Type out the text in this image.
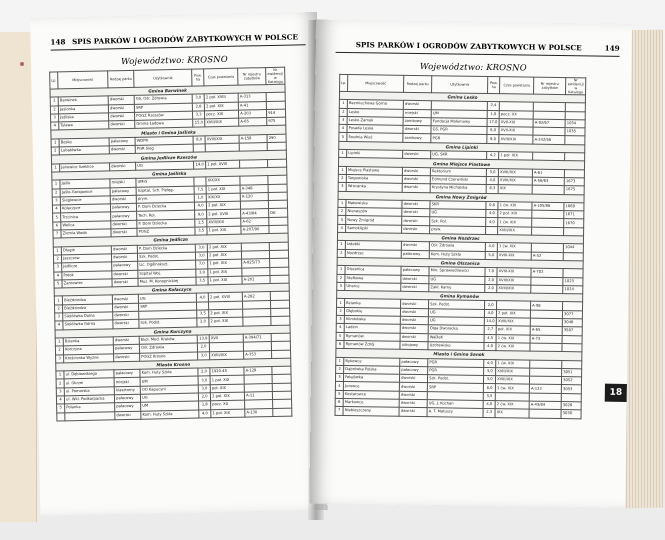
148 SPIS PARKÓW I OGRODÓW ZABYTKOWYCH W POLSCE
Województwo: KROSNO
Lp.	Miejscowość	Rodzaj parku	Użytkownik	Pow. ha	Czas powstania	Nr rejestru zabytków	Nr ewidencji w Katalogu
Gmina Barwinek							
1	Barwinek	dworski	GS, Ośr. Zdrowia	3,0	2 poł. XVIII	A-313	
2	Jasionka	dworski	SRP	2,8	2 poł. XIX	A-41	
3	Jaśliska	dworski	POGZ Rzeszów	3,3	pocz. XIX	A-203	914
4	Tylawa	dworski	Gmina Ładowa	15,0	XVIII/XIX	A-65	975
Miasto i Gmina Jaśliska							
1	Besko	pałacowy	WDPR	8,0	XVIII/XIX	A-158	290
2	Lubatówka	dworski	PGR Sieg				
Gmina Jedlicze Rzeszów							
1	Janowice Szeklice	dworski	UG	14,0	1 poł. XVIII		
Gmina Jaśliska							
1	Jaślo	miejski	UMiG		XIX/XX		
2	Jaślo-Gorajowice	pałacowy	Szpital, Sch. Pielęg.	7,5	1 poł. XIX	A-348	
3	Sieglowice	dworski	pryw.	1,0	XIX/XX	A-120	
4	Kołaczyce	pałacowy	P. Dom Dziecka	4,0	2 poł. XIX		
5	Trzcinica	pałacowy	Tech. Rol.	9,0	2 poł. XVIII	A-43/84	DK
6	Wolica	dworski	P. Dom Dziecka	1,5	XVIII/XIX	A-62	
7	Ziemia Woda	dworski	POGZ	3,5	1 poł. XIX	A-207/90	
Gmina Jedlicze							
1	Długie	dworski	P. Dom Dziecka	3,0	2 poł. XIX		
2	Jaszczew	dworski	Szk. Podst.	3,0	2 poł. XIX		
3	Jedlicze	pałacowy	Lic. Ogólnokszt.	7,0	1 poł. XIX	A-825/73	
4	Potok	dworski	Szpital Woj.	3,0	1 poł. XIX		
5	Żarnowiec	dworski	Muz. M. Konopnickiej	3,5	1 poł. XIX	A-201	
Gmina Kołaczyce							
1	Bieździedza	dworski	UG	4,0	2 poł. XVIII	A-282	
2	Bieździedza	dworski	SRP				
3	Sieklówka Dolna	dworski		3,5	2 poł. XIX		
4	Sieklówka Górna	dworski	Szk. Podst.	2,0	2 poł. XIX		
Gmina Korczyna							
1	Bzianka	dworski	Ekol. Med. Kraków	13,9	XVII	A-394/71	
2	Korczyna	pałacowy	Ośr. Zdrowia	2,0			
3	Krościenko Wyżne	dworski	POGZ Krosno	3,0	XVIII/XIX	A-353	
Miasto Krosno							
1	ul. Dębiowskiego	pałacowy	Kom. Huty Szkła	2,0	1920-45	A-128	
2	ul. Okrzei	miejski	UM	3,0	1 poł. XIX		
3	ul. Pomorska	klasztorny	OO Kapucyni	3,0	poł. XIX		
4	ul. Wkł. Podkarpacka	pałacowy	UG	2,0	2 poł. XIX	A-11	
5	Polanka	pałacowy	UM	1,8	pocz. XX		
		dworski	Kom. Huty Szkła	4,0	1 poł. XIX	A-130	
SPIS PARKÓW I OGRODÓW ZABYTKOWYCH W POLSCE	149
Województwo: KROSNO
Lp.	Miejscowość	Rodzaj parku	Użytkownik	Pow. ha	Czas powstania	Nr rejestru zabytków	Nr ewidencji w Katalogu
Gmina Lesko							
1	Bezmiechowa Górna	dworski		2,4			
2	Lesko	miejski	UM	1,0	pocz. XX		
3	Lesko-Zamek	zamkowy	Fundacja Mołomowy	17,0	XVII-XIX	A-92/67	1034
4	Posada Leska	dworski	GS, PGR	8,0	XVII-XIX		1035
5	Średnia Wieś	zamkowy	PGR	9,0	XVIII/XIX	A-242/56	
Gmina Lipinki							
1	Lipinki	dworski	UG, SKR	4,2	1 poł. XIX		
Gmina Miejsce Piastowe							
1	Miejsce Piastowe	dworski	Rektorium	3,0	XVIII/XIX	A-61	
2	Targowiska	dworski	Edmund Czerwiński	4,0	XVIII/XIX	A-56/63	1673
3	Wrocanka	dworski	Krystyna Michalska	8,3	XIX		1675
Gmina Nowy Żmigród							
1	Makowiska	dworski	SKR	0,8	1 ćw. XIX	A-105/86	1669
2	Nienaszów	dworski	UG	4,0	2 poł. XIX		1671
3	Nowy Żmigród	dworski	Szk. Rol.	4,0	1 ćw. XIX		1670
4	Samoklęski	dworski	pryw.		XVIII/XIX		
Gmina Nozdrzec							
1	Izdebki	dworski	Ośr. Zdrowia	4,0	1 ćw. XIX		1044
2	Nozdrzec	pałacowy	Kom. Huty Szkła	5,0	XVIII-XIX	A-52	
Gmina Olszanica							
1	Olszanica	pałacowy	Min. Sprawiedliwości	7,0	XVIII-XIX	A-702	
2	Stefkowa	dworski	UG	2,0	XVIII/XIX		1023
3	Uherce	dworski	Zakł. Karny	2,0	XVIII/XIX		1024
Gmina Rymanów							
1	Bzianka	dworski	Szk. Podst.	2,0		A-98	
2	Głębokie	dworski	UG	4,0	2 poł. XIX		3077
3	Klimkówka	dworski	UG	14,0	XVIII/XIX		3046
4	Ladzin	dworski	Olga Dworecka	2,7	poł. XIX	A-65	3587
5	Rymanów	dworski	WaDeK	4,5	1 ćw. XIX	A-73	
6	Rymanów Zdrój	zdrojowy	Uzdrowisko	4,0	2 ćw. XIX		
Miasto i Gmina Sanok							
1	Bykowce	pałacowy	PGR	4,0	1 ćw. XIX		
2	Dąbrówka Polska	pałacowy	PGR	3,0	XVIII/XIX		3051
3	Falejówka	dworski	Szk. Podst.	3,0	XVIII/XIX		3052
4	Jurowce	dworski	SRP	8,0	1 ćw. XIX	A-122	3053
5	Kostarowce	dworski		3,5			
6	Markowce	dworski	UG, J. Kochan	4,0	2 ćw. XIX	A-43/84	3028
7	Niebieszczany	dworski	A. T. Matuszy	2,3	XIX		3030
18
